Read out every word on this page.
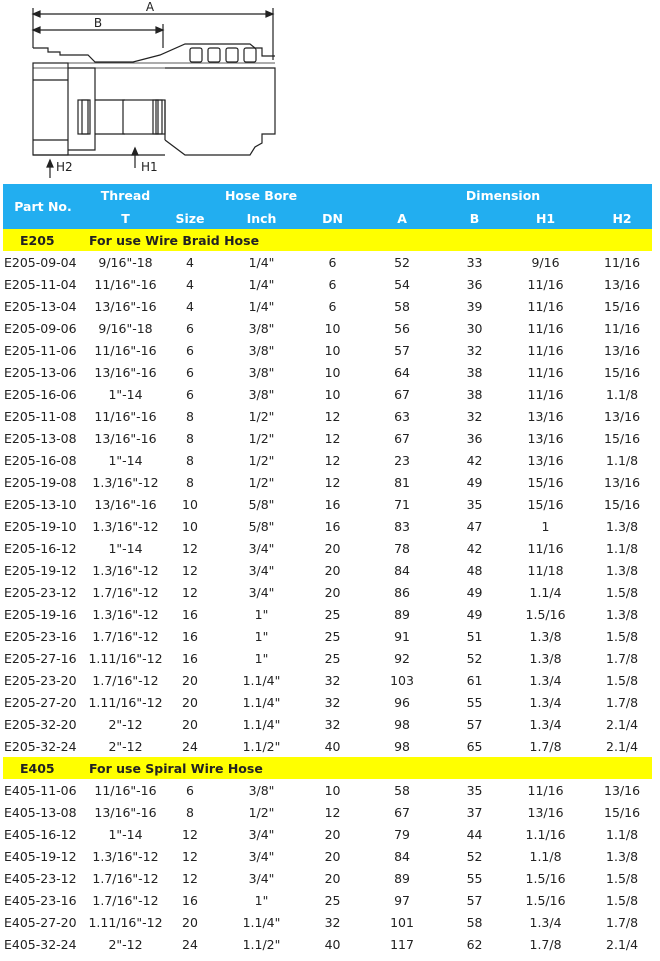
A
B
H2	H1
Part No.	Thread	Hose Bore			Dimension			
	T	Size	Inch	DN	A	B	H1	H2
E205	For use Wire Braid Hose							
E205-09-04	9/16"-18	4	1/4"	6	52	33	9/16	11/16
E205-11-04	11/16"-16	4	1/4"	6	54	36	11/16	13/16
E205-13-04	13/16"-16	4	1/4"	6	58	39	11/16	15/16
E205-09-06	9/16"-18	6	3/8"	10	56	30	11/16	11/16
E205-11-06	11/16"-16	6	3/8"	10	57	32	11/16	13/16
E205-13-06	13/16"-16	6	3/8"	10	64	38	11/16	15/16
E205-16-06	1"-14	6	3/8"	10	67	38	11/16	1.1/8
E205-11-08	11/16"-16	8	1/2"	12	63	32	13/16	13/16
E205-13-08	13/16"-16	8	1/2"	12	67	36	13/16	15/16
E205-16-08	1"-14	8	1/2"	12	23	42	13/16	1.1/8
E205-19-08	1.3/16"-12	8	1/2"	12	81	49	15/16	13/16
E205-13-10	13/16"-16	10	5/8"	16	71	35	15/16	15/16
E205-19-10	1.3/16"-12	10	5/8"	16	83	47	1	1.3/8
E205-16-12	1"-14	12	3/4"	20	78	42	11/16	1.1/8
E205-19-12	1.3/16"-12	12	3/4"	20	84	48	11/18	1.3/8
E205-23-12	1.7/16"-12	12	3/4"	20	86	49	1.1/4	1.5/8
E205-19-16	1.3/16"-12	16	1"	25	89	49	1.5/16	1.3/8
E205-23-16	1.7/16"-12	16	1"	25	91	51	1.3/8	1.5/8
E205-27-16	1.11/16"-12	16	1"	25	92	52	1.3/8	1.7/8
E205-23-20	1.7/16"-12	20	1.1/4"	32	103	61	1.3/4	1.5/8
E205-27-20	1.11/16"-12	20	1.1/4"	32	96	55	1.3/4	1.7/8
E205-32-20	2"-12	20	1.1/4"	32	98	57	1.3/4	2.1/4
E205-32-24	2"-12	24	1.1/2"	40	98	65	1.7/8	2.1/4
E405	For use Spiral Wire Hose							
E405-11-06	11/16"-16	6	3/8"	10	58	35	11/16	13/16
E405-13-08	13/16"-16	8	1/2"	12	67	37	13/16	15/16
E405-16-12	1"-14	12	3/4"	20	79	44	1.1/16	1.1/8
E405-19-12	1.3/16"-12	12	3/4"	20	84	52	1.1/8	1.3/8
E405-23-12	1.7/16"-12	12	3/4"	20	89	55	1.5/16	1.5/8
E405-23-16	1.7/16"-12	16	1"	25	97	57	1.5/16	1.5/8
E405-27-20	1.11/16"-12	20	1.1/4"	32	101	58	1.3/4	1.7/8
E405-32-24	2"-12	24	1.1/2"	40	117	62	1.7/8	2.1/4
